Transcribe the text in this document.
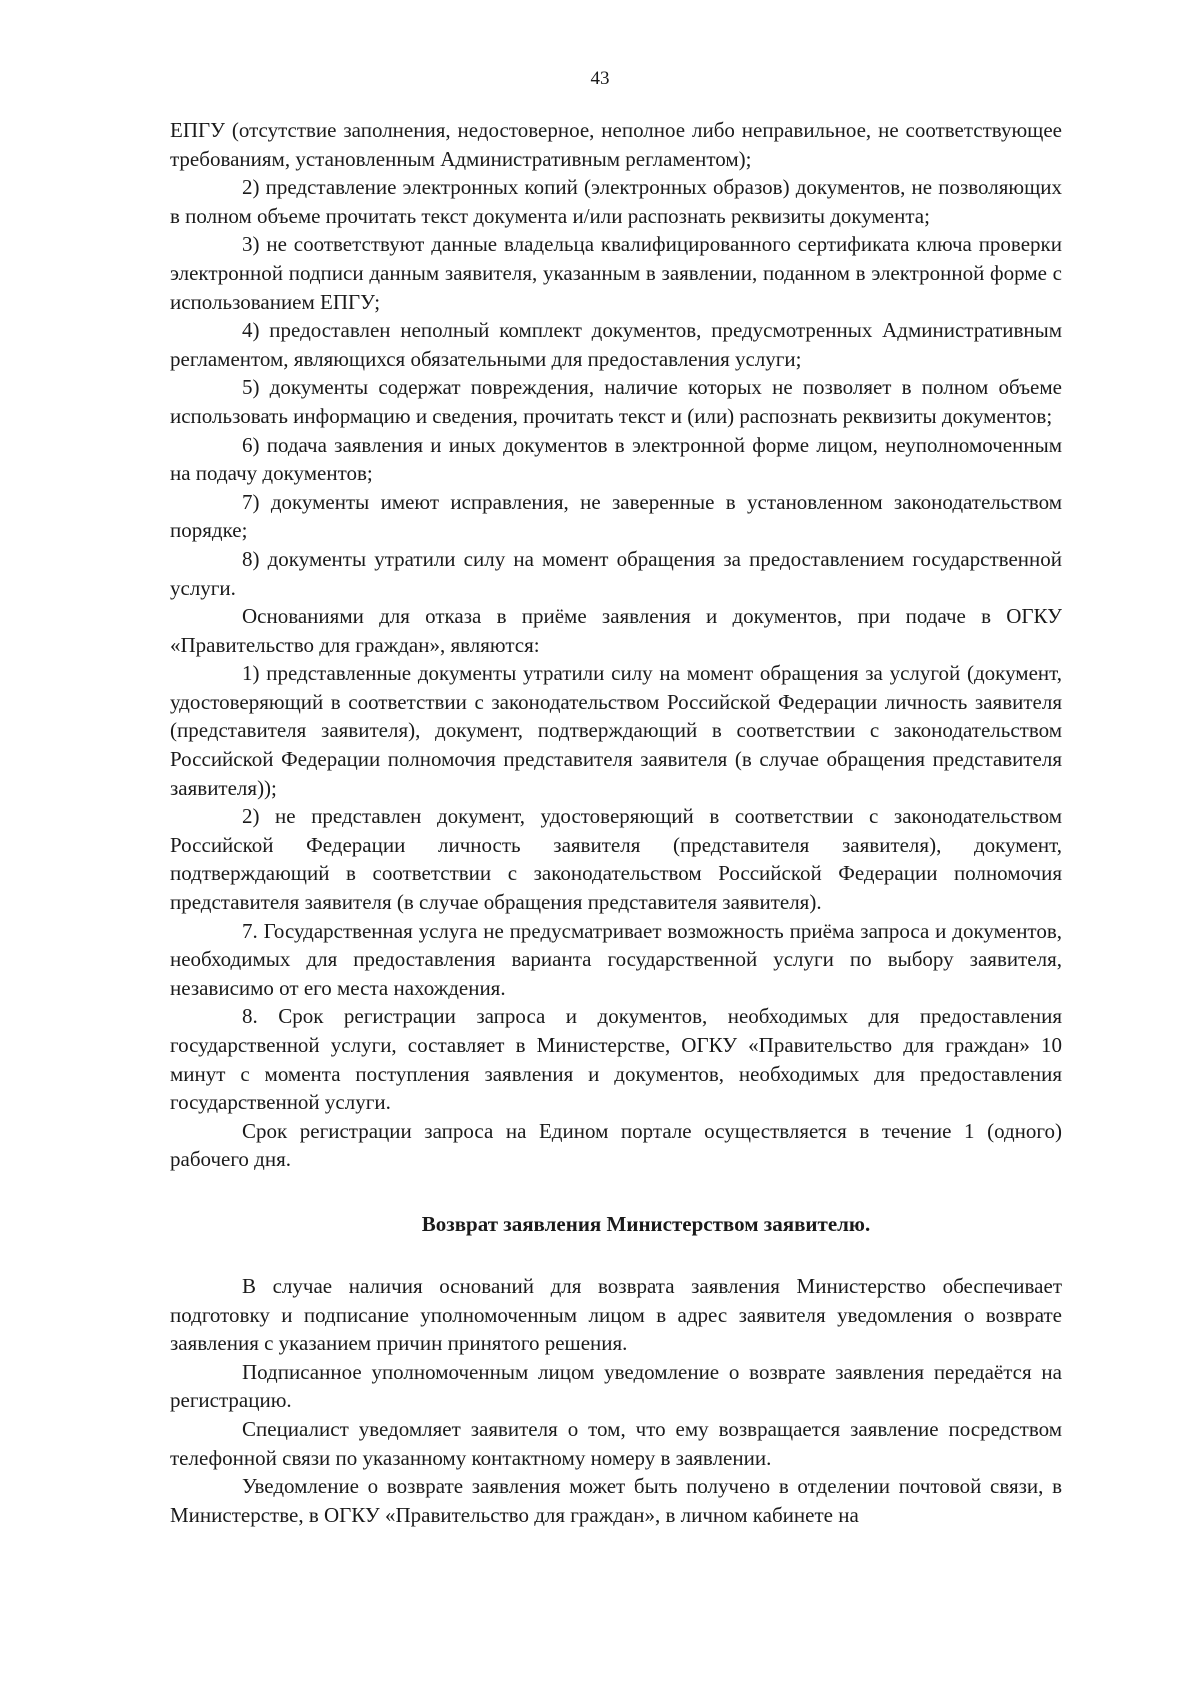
43

ЕПГУ (отсутствие заполнения, недостоверное, неполное либо неправильное, не соответствующее требованиям, установленным Административным регламентом);

2) представление электронных копий (электронных образов) документов, не позволяющих в полном объеме прочитать текст документа и/или распознать реквизиты документа;

3) не соответствуют данные владельца квалифицированного сертификата ключа проверки электронной подписи данным заявителя, указанным в заявлении, поданном в электронной форме с использованием ЕПГУ;

4) предоставлен неполный комплект документов, предусмотренных Административным регламентом, являющихся обязательными для предоставления услуги;

5) документы содержат повреждения, наличие которых не позволяет в полном объеме использовать информацию и сведения, прочитать текст и (или) распознать реквизиты документов;

6) подача заявления и иных документов в электронной форме лицом, неуполномоченным на подачу документов;

7) документы имеют исправления, не заверенные в установленном законодательством порядке;

8) документы утратили силу на момент обращения за предоставлением государственной услуги.

Основаниями для отказа в приёме заявления и документов, при подаче в ОГКУ «Правительство для граждан», являются:

1) представленные документы утратили силу на момент обращения за услугой (документ, удостоверяющий в соответствии с законодательством Российской Федерации личность заявителя (представителя заявителя), документ, подтверждающий в соответствии с законодательством Российской Федерации полномочия представителя заявителя (в случае обращения представителя заявителя));

2) не представлен документ, удостоверяющий в соответствии с законодательством Российской Федерации личность заявителя (представителя заявителя), документ, подтверждающий в соответствии с законодательством Российской Федерации полномочия представителя заявителя (в случае обращения представителя заявителя).

7. Государственная услуга не предусматривает возможность приёма запроса и документов, необходимых для предоставления варианта государственной услуги по выбору заявителя, независимо от его места нахождения.

8. Срок регистрации запроса и документов, необходимых для предоставления государственной услуги, составляет в Министерстве, ОГКУ «Правительство для граждан» 10 минут с момента поступления заявления и документов, необходимых для предоставления государственной услуги.

Срок регистрации запроса на Едином портале осуществляется в течение 1 (одного) рабочего дня.

Возврат заявления Министерством заявителю.

В случае наличия оснований для возврата заявления Министерство обеспечивает подготовку и подписание уполномоченным лицом в адрес заявителя уведомления о возврате заявления с указанием причин принятого решения.

Подписанное уполномоченным лицом уведомление о возврате заявления передаётся на регистрацию.

Специалист уведомляет заявителя о том, что ему возвращается заявление посредством телефонной связи по указанному контактному номеру в заявлении.

Уведомление о возврате заявления может быть получено в отделении почтовой связи, в Министерстве, в ОГКУ «Правительство для граждан», в личном кабинете на
